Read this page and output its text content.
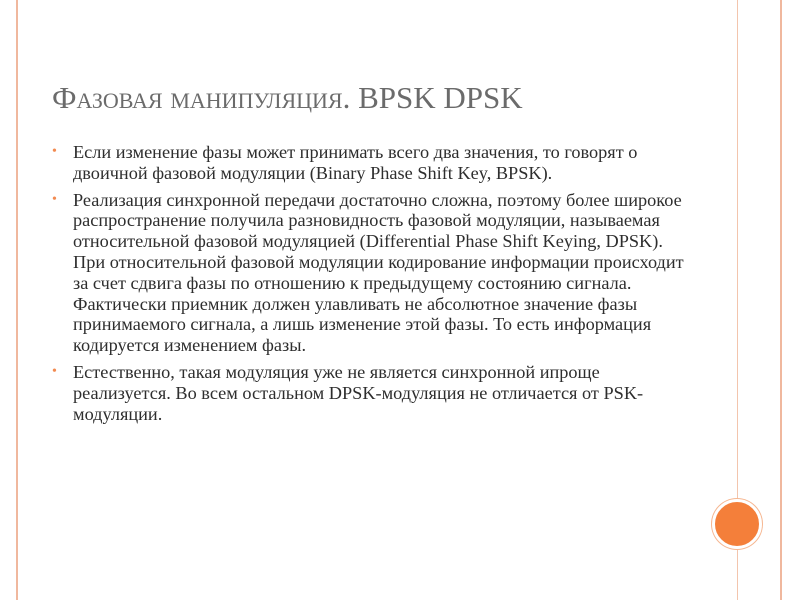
Фазовая манипуляция. BPSK DPSK
• Если изменение фазы может принимать всего два значения, то говорят о двоичной фазовой модуляции (Binary Phase Shift Key, BPSK).
• Реализация синхронной передачи достаточно сложна, поэтому более широкое распространение получила разновидность фазовой модуляции, называемая относительной фазовой модуляцией (Differential Phase Shift Keying, DPSK). При относительной фазовой модуляции кодирование информации происходит за счет сдвига фазы по отношению к предыдущему состоянию сигнала. Фактически приемник должен улавливать не абсолютное значение фазы принимаемого сигнала, а лишь изменение этой фазы. То есть информация кодируется изменением фазы.
• Естественно, такая модуляция уже не является синхронной ипроще реализуется. Во всем остальном DPSK-модуляция не отличается от PSK-модуляции.
